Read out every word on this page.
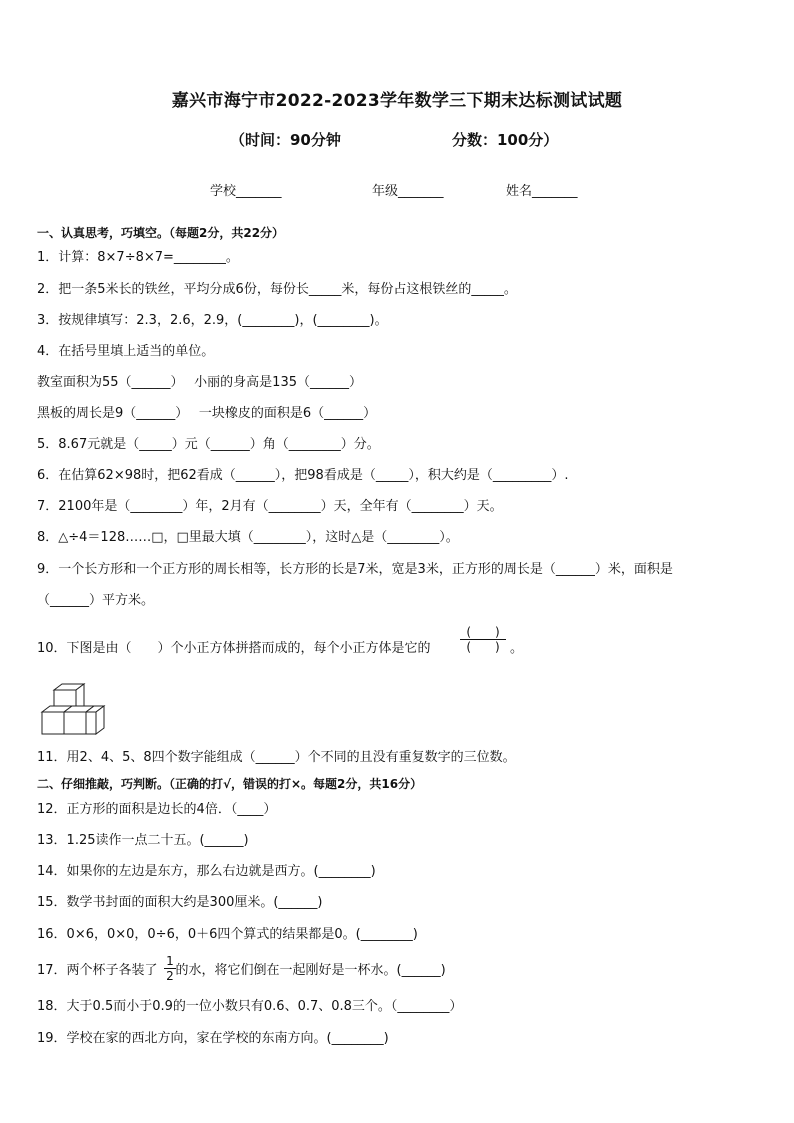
嘉兴市海宁市2022-2023学年数学三下期末达标测试试题
（时间：90分钟	分数：100分）
学校_______	年级_______	姓名_______
一、认真思考，巧填空。（每题2分，共22分）
1．计算：8×7÷8×7=________。
2．把一条5米长的铁丝，平均分成6份，每份长_____米，每份占这根铁丝的_____。
3．按规律填写：2.3，2.6，2.9，(________)，(________)。
4．在括号里填上适当的单位。
教室面积为55（______）　 小丽的身高是135（______）
黑板的周长是9（______）　 一块橡皮的面积是6（______）
5．8.67元就是（_____）元（______）角（________）分。
6．在估算62×98时，把62看成（______），把98看成是（_____），积大约是（_________）.
7．2100年是（________）年，2月有（________）天，全年有（________）天。
8．△÷4＝128……□，□里最大填（________），这时△是（________）。
9．一个长方形和一个正方形的周长相等，长方形的长是7米，宽是3米，正方形的周长是（______）米，面积是
（______）平方米。
10．下图是由（　　）个小正方体拼搭而成的，每个小正方体是它的
(　　)
(　　) 。
11．用2、4、5、8四个数字能组成（______）个不同的且没有重复数字的三位数。
二、仔细推敲，巧判断。（正确的打√，错误的打×。每题2分，共16分）
12．正方形的面积是边长的4倍．（____）
13．1.25读作一点二十五。(______)
14．如果你的左边是东方，那么右边就是西方。(________)
15．数学书封面的面积大约是300厘米。(______)
16．0×6，0×0，0÷6，0＋6四个算式的结果都是0。(________)
17．两个杯子各装了 的水，将它们倒在一起刚好是一杯水。(______)
$\frac{1}{2}$
18．大于0.5而小于0.9的一位小数只有0.6、0.7、0.8三个。（________）
19．学校在家的西北方向，家在学校的东南方向。(________)
